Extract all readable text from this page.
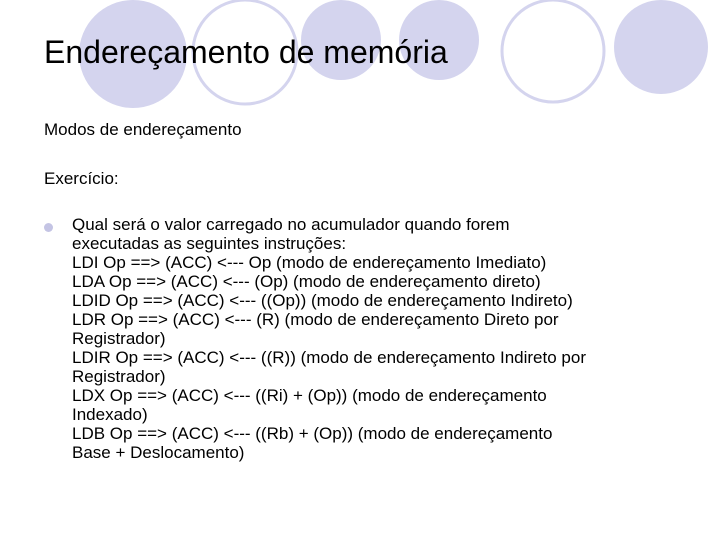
Endereçamento de memória
Modos de endereçamento
Exercício:
Qual será o valor carregado no acumulador quando forem
executadas as seguintes instruções:
LDI Op ==> (ACC) <--- Op (modo de endereçamento Imediato)
LDA Op ==> (ACC) <--- (Op) (modo de endereçamento direto)
LDID Op ==> (ACC) <--- ((Op)) (modo de endereçamento Indireto)
LDR Op ==> (ACC) <--- (R) (modo de endereçamento Direto por
Registrador)
LDIR Op ==> (ACC) <--- ((R)) (modo de endereçamento Indireto por
Registrador)
LDX Op ==> (ACC) <--- ((Ri) + (Op)) (modo de endereçamento
Indexado)
LDB Op ==> (ACC) <--- ((Rb) + (Op)) (modo de endereçamento
Base + Deslocamento)
